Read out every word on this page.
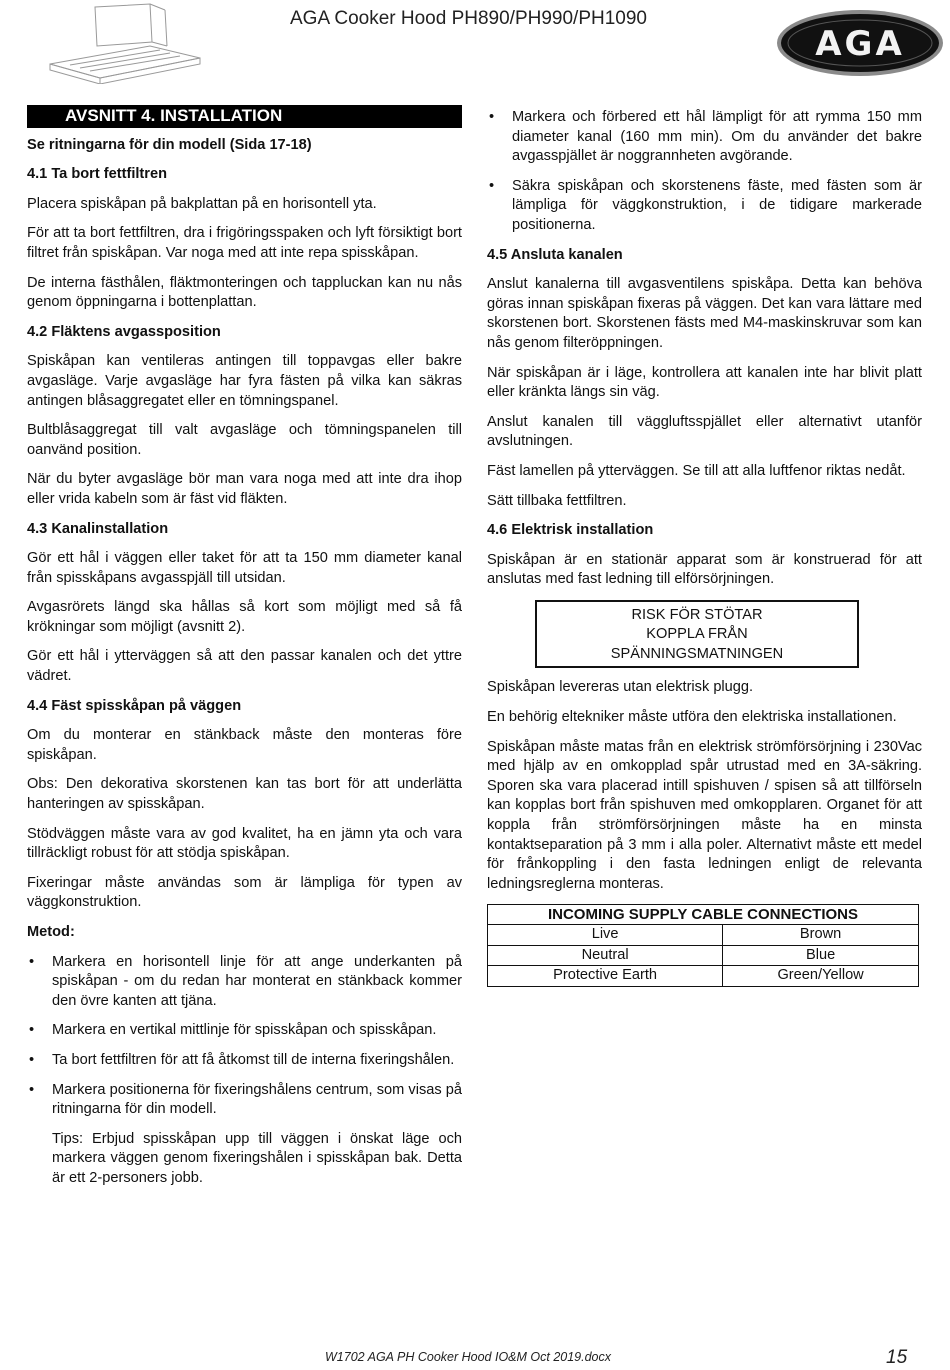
AGA Cooker Hood PH890/PH990/PH1090
AGA
AVSNITT 4. INSTALLATION
Se ritningarna för din modell (Sida 17-18)
4.1 Ta bort fettfiltren

Placera spiskåpan på bakplattan på en horisontell yta.

För att ta bort fettfiltren, dra i frigöringsspaken och lyft försiktigt bort filtret från spiskåpan. Var noga med att inte repa spisskåpan.

De interna fästhålen, fläktmonteringen och tappluckan kan nu nås genom öppningarna i bottenplattan.

4.2 Fläktens avgassposition

Spiskåpan kan ventileras antingen till toppavgas eller bakre avgasläge. Varje avgasläge har fyra fästen på vilka kan säkras antingen blåsaggregatet eller en tömningspanel.

Bultblåsaggregat till valt avgasläge och tömningspanelen till oanvänd position.

När du byter avgasläge bör man vara noga med att inte dra ihop eller vrida kabeln som är fäst vid fläkten.

4.3 Kanalinstallation

Gör ett hål i väggen eller taket för att ta 150 mm diameter kanal från spisskåpans avgasspjäll till utsidan.

Avgasrörets längd ska hållas så kort som möjligt med så få krökningar som möjligt (avsnitt 2).

Gör ett hål i ytterväggen så att den passar kanalen och det yttre vädret.

4.4 Fäst spisskåpan på väggen

Om du monterar en stänkback måste den monteras före spiskåpan.

Obs: Den dekorativa skorstenen kan tas bort för att underlätta hanteringen av spisskåpan.

Stödväggen måste vara av god kvalitet, ha en jämn yta och vara tillräckligt robust för att stödja spiskåpan.

Fixeringar måste användas som är lämpliga för typen av väggkonstruktion.

Metod:
• Markera en horisontell linje för att ange underkanten på spiskåpan - om du redan har monterat en stänkback kommer den övre kanten att tjäna.
• Markera en vertikal mittlinje för spisskåpan och spisskåpan.
• Ta bort fettfiltren för att få åtkomst till de interna fixeringshålen.
• Markera positionerna för fixeringshålens centrum, som visas på ritningarna för din modell.

Tips: Erbjud spisskåpan upp till väggen i önskat läge och markera väggen genom fixeringshålen i spisskåpan bak. Detta är ett 2-personers jobb.

• Markera och förbered ett hål lämpligt för att rymma 150 mm diameter kanal (160 mm min). Om du använder det bakre avgasspjället är noggrannheten avgörande.
• Säkra spiskåpan och skorstenens fäste, med fästen som är lämpliga för väggkonstruktion, i de tidigare markerade positionerna.
4.5 Ansluta kanalen

Anslut kanalerna till avgasventilens spiskåpa. Detta kan behöva göras innan spiskåpan fixeras på väggen. Det kan vara lättare med skorstenen bort. Skorstenen fästs med M4-maskinskruvar som kan nås genom filteröppningen.

När spiskåpan är i läge, kontrollera att kanalen inte har blivit platt eller kränkta längs sin väg.

Anslut kanalen till väggluftsspjället eller alternativt utanför avslutningen.

Fäst lamellen på ytterväggen. Se till att alla luftfenor riktas nedåt.

Sätt tillbaka fettfiltren.

4.6 Elektrisk installation

Spiskåpan är en stationär apparat som är konstruerad för att anslutas med fast ledning till elförsörjningen.

RISK FÖR STÖTAR
KOPPLA FRÅN
SPÄNNINGSMATNINGEN

Spiskåpan levereras utan elektrisk plugg.

En behörig eltekniker måste utföra den elektriska installationen.

Spiskåpan måste matas från en elektrisk strömförsörjning i 230Vac med hjälp av en omkopplad spår utrustad med en 3A-säkring. Sporen ska vara placerad intill spishuven / spisen så att tillförseln kan kopplas bort från spishuven med omkopplaren. Organet för att koppla från strömförsörjningen måste ha en minsta kontaktseparation på 3 mm i alla poler. Alternativt måste ett medel för frånkoppling i den fasta ledningen enligt de relevanta ledningsreglerna monteras.

INCOMING SUPPLY CABLE CONNECTIONS	
Live	Brown
Neutral	Blue
Protective Earth	Green/Yellow
W1702 AGA PH Cooker Hood IO&M Oct 2019.docx	15
